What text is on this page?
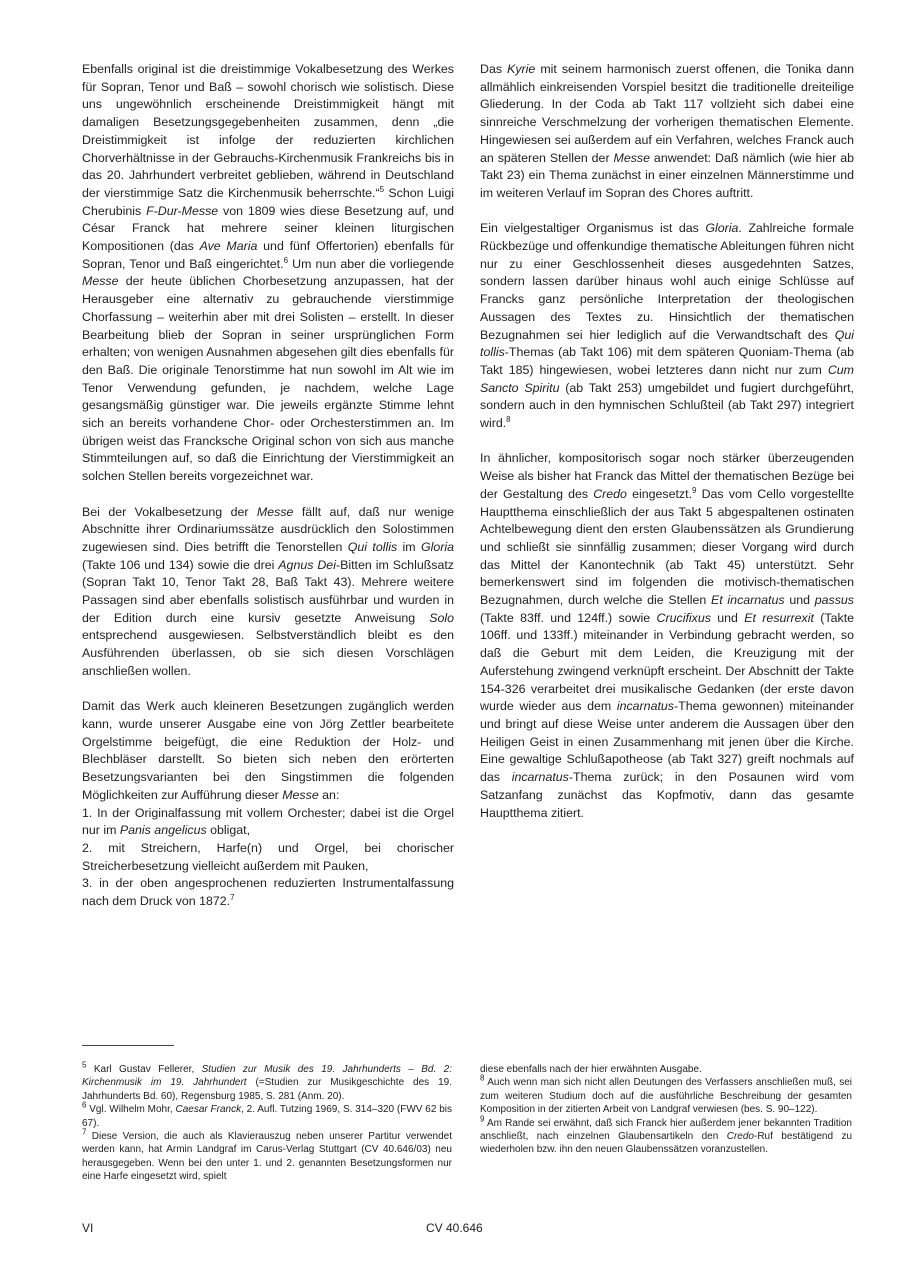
Ebenfalls original ist die dreistimmige Vokalbesetzung des Werkes für Sopran, Tenor und Baß – sowohl chorisch wie solistisch. Diese uns ungewöhnlich erscheinende Dreistimmigkeit hängt mit damaligen Besetzungsgegebenheiten zusammen, denn „die Dreistimmigkeit ist infolge der reduzierten kirchlichen Chorverhältnisse in der Gebrauchs-Kirchenmusik Frankreichs bis in das 20. Jahrhundert verbreitet geblieben, während in Deutschland der vierstimmige Satz die Kirchenmusik beherrschte.“$^5$ Schon Luigi Cherubinis F-Dur-Messe von 1809 wies diese Besetzung auf, und César Franck hat mehrere seiner kleinen liturgischen Kompositionen (das Ave Maria und fünf Offertorien) ebenfalls für Sopran, Tenor und Baß eingerichtet.$^6$ Um nun aber die vorliegende Messe der heute üblichen Chorbesetzung anzupassen, hat der Herausgeber eine alternativ zu gebrauchende vierstimmige Chorfassung – weiterhin aber mit drei Solisten – erstellt. In dieser Bearbeitung blieb der Sopran in seiner ursprünglichen Form erhalten; von wenigen Ausnahmen abgesehen gilt dies ebenfalls für den Baß. Die originale Tenorstimme hat nun sowohl im Alt wie im Tenor Verwendung gefunden, je nachdem, welche Lage gesangsmäßig günstiger war. Die jeweils ergänzte Stimme lehnt sich an bereits vorhandene Chor- oder Orchesterstimmen an. Im übrigen weist das Francksche Original schon von sich aus manche Stimmteilungen auf, so daß die Einrichtung der Vierstimmigkeit an solchen Stellen bereits vorgezeichnet war.

Bei der Vokalbesetzung der Messe fällt auf, daß nur wenige Abschnitte ihrer Ordinariumssätze ausdrücklich den Solostimmen zugewiesen sind. Dies betrifft die Tenorstellen Qui tollis im Gloria (Takte 106 und 134) sowie die drei Agnus Dei-Bitten im Schlußsatz (Sopran Takt 10, Tenor Takt 28, Baß Takt 43). Mehrere weitere Passagen sind aber ebenfalls solistisch ausführbar und wurden in der Edition durch eine kursiv gesetzte Anweisung Solo entsprechend ausgewiesen. Selbstverständlich bleibt es den Ausführenden überlassen, ob sie sich diesen Vorschlägen anschließen wollen.

Damit das Werk auch kleineren Besetzungen zugänglich werden kann, wurde unserer Ausgabe eine von Jörg Zettler bearbeitete Orgelstimme beigefügt, die eine Reduktion der Holz- und Blechbläser darstellt. So bieten sich neben den erörterten Besetzungsvarianten bei den Singstimmen die folgenden Möglichkeiten zur Aufführung dieser Messe an:

1. In der Originalfassung mit vollem Orchester; dabei ist die Orgel nur im Panis angelicus obligat,

2. mit Streichern, Harfe(n) und Orgel, bei chorischer Streicherbesetzung vielleicht außerdem mit Pauken,

3. in der oben angesprochenen reduzierten Instrumentalfassung nach dem Druck von 1872.$^7$

Das Kyrie mit seinem harmonisch zuerst offenen, die Tonika dann allmählich einkreisenden Vorspiel besitzt die traditionelle dreiteilige Gliederung. In der Coda ab Takt 117 vollzieht sich dabei eine sinnreiche Verschmelzung der vorherigen thematischen Elemente. Hingewiesen sei außerdem auf ein Verfahren, welches Franck auch an späteren Stellen der Messe anwendet: Daß nämlich (wie hier ab Takt 23) ein Thema zunächst in einer einzelnen Männerstimme und im weiteren Verlauf im Sopran des Chores auftritt.

Ein vielgestaltiger Organismus ist das Gloria. Zahlreiche formale Rückbezüge und offenkundige thematische Ableitungen führen nicht nur zu einer Geschlossenheit dieses ausgedehnten Satzes, sondern lassen darüber hinaus wohl auch einige Schlüsse auf Francks ganz persönliche Interpretation der theologischen Aussagen des Textes zu. Hinsichtlich der thematischen Bezugnahmen sei hier lediglich auf die Verwandtschaft des Qui tollis-Themas (ab Takt 106) mit dem späteren Quoniam-Thema (ab Takt 185) hingewiesen, wobei letzteres dann nicht nur zum Cum Sancto Spiritu (ab Takt 253) umgebildet und fugiert durchgeführt, sondern auch in den hymnischen Schlußteil (ab Takt 297) integriert wird.$^8$

In ähnlicher, kompositorisch sogar noch stärker überzeugenden Weise als bisher hat Franck das Mittel der thematischen Bezüge bei der Gestaltung des Credo eingesetzt.$^9$ Das vom Cello vorgestellte Hauptthema einschließlich der aus Takt 5 abgespaltenen ostinaten Achtelbewegung dient den ersten Glaubenssätzen als Grundierung und schließt sie sinnfällig zusammen; dieser Vorgang wird durch das Mittel der Kanontechnik (ab Takt 45) unterstützt. Sehr bemerkenswert sind im folgenden die motivisch-thematischen Bezugnahmen, durch welche die Stellen Et incarnatus und passus (Takte 83ff. und 124ff.) sowie Crucifixus und Et resurrexit (Takte 106ff. und 133ff.) miteinander in Verbindung gebracht werden, so daß die Geburt mit dem Leiden, die Kreuzigung mit der Auferstehung zwingend verknüpft erscheint. Der Abschnitt der Takte 154-326 verarbeitet drei musikalische Gedanken (der erste davon wurde wieder aus dem incarnatus-Thema gewonnen) miteinander und bringt auf diese Weise unter anderem die Aussagen über den Heiligen Geist in einen Zusammenhang mit jenen über die Kirche. Eine gewaltige Schlußapotheose (ab Takt 327) greift nochmals auf das incarnatus-Thema zurück; in den Posaunen wird vom Satzanfang zunächst das Kopfmotiv, dann das gesamte Hauptthema zitiert.

$^5$ Karl Gustav Fellerer, Studien zur Musik des 19. Jahrhunderts – Bd. 2: Kirchenmusik im 19. Jahrhundert (=Studien zur Musikgeschichte des 19. Jahrhunderts Bd. 60), Regensburg 1985, S. 281 (Anm. 20).

$^6$ Vgl. Wilhelm Mohr, Caesar Franck, 2. Aufl. Tutzing 1969, S. 314–320 (FWV 62 bis 67).

$^7$ Diese Version, die auch als Klavierauszug neben unserer Partitur verwendet werden kann, hat Armin Landgraf im Carus-Verlag Stuttgart (CV 40.646/03) neu herausgegeben. Wenn bei den unter 1. und 2. genannten Besetzungsformen nur eine Harfe eingesetzt wird, spielt

diese ebenfalls nach der hier erwähnten Ausgabe.

$^8$ Auch wenn man sich nicht allen Deutungen des Verfassers anschließen muß, sei zum weiteren Studium doch auf die ausführliche Beschreibung der gesamten Komposition in der zitierten Arbeit von Landgraf verwiesen (bes. S. 90–122).

$^9$ Am Rande sei erwähnt, daß sich Franck hier außerdem jener bekannten Tradition anschließt, nach einzelnen Glaubensartikeln den Credo-Ruf bestätigend zu wiederholen bzw. ihn den neuen Glaubenssätzen voranzustellen.

VI	CV 40.646
